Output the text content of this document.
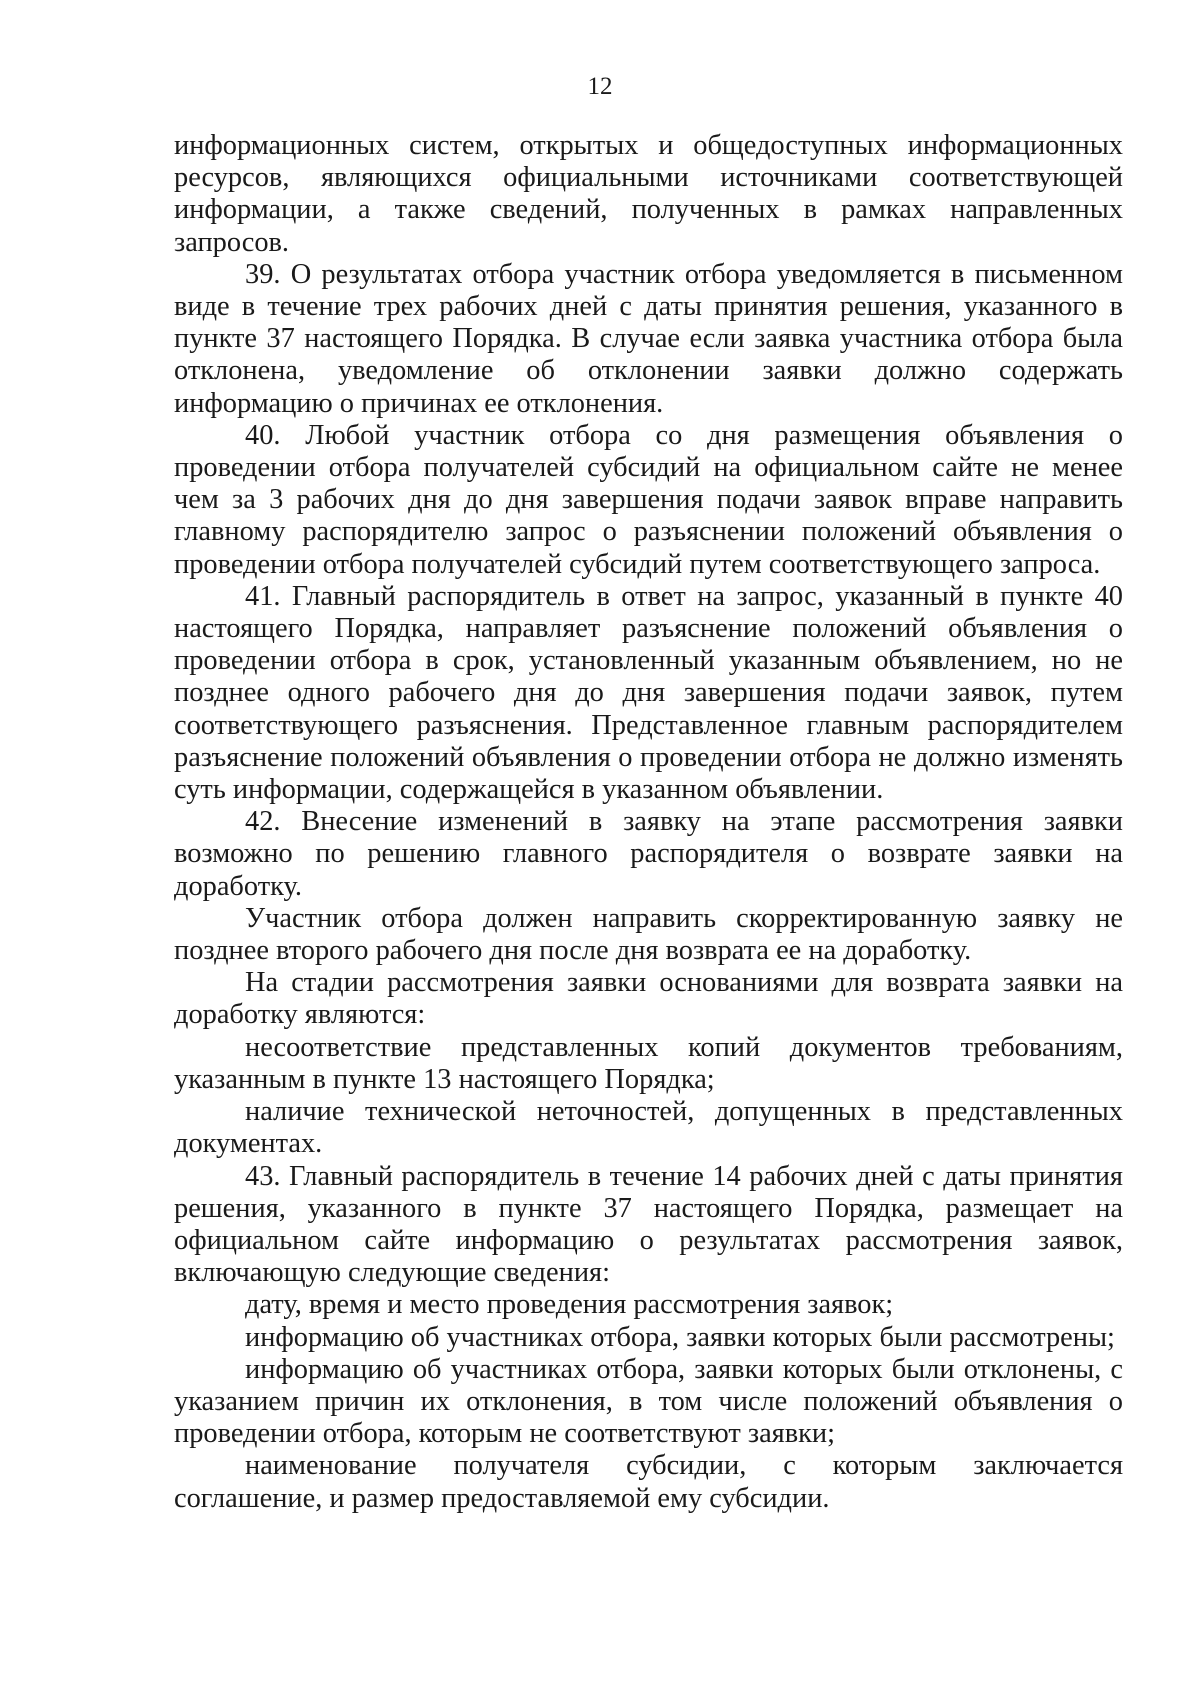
12

информационных систем, открытых и общедоступных информационных ресурсов, являющихся официальными источниками соответствующей информации, а также сведений, полученных в рамках направленных запросов.

39. О результатах отбора участник отбора уведомляется в письменном виде в течение трех рабочих дней с даты принятия решения, указанного в пункте 37 настоящего Порядка. В случае если заявка участника отбора была отклонена, уведомление об отклонении заявки должно содержать информацию о причинах ее отклонения.

40. Любой участник отбора со дня размещения объявления о проведении отбора получателей субсидий на официальном сайте не менее чем за 3 рабочих дня до дня завершения подачи заявок вправе направить главному распорядителю запрос о разъяснении положений объявления о проведении отбора получателей субсидий путем соответствующего запроса.

41. Главный распорядитель в ответ на запрос, указанный в пункте 40 настоящего Порядка, направляет разъяснение положений объявления о проведении отбора в срок, установленный указанным объявлением, но не позднее одного рабочего дня до дня завершения подачи заявок, путем соответствующего разъяснения. Представленное главным распорядителем разъяснение положений объявления о проведении отбора не должно изменять суть информации, содержащейся в указанном объявлении.

42. Внесение изменений в заявку на этапе рассмотрения заявки возможно по решению главного распорядителя о возврате заявки на доработку.

Участник отбора должен направить скорректированную заявку не позднее второго рабочего дня после дня возврата ее на доработку.

На стадии рассмотрения заявки основаниями для возврата заявки на доработку являются:

несоответствие представленных копий документов требованиям, указанным в пункте 13 настоящего Порядка;

наличие технической неточностей, допущенных в представленных документах.

43. Главный распорядитель в течение 14 рабочих дней с даты принятия решения, указанного в пункте 37 настоящего Порядка, размещает на официальном сайте информацию о результатах рассмотрения заявок, включающую следующие сведения:

дату, время и место проведения рассмотрения заявок;

информацию об участниках отбора, заявки которых были рассмотрены;

информацию об участниках отбора, заявки которых были отклонены, с указанием причин их отклонения, в том числе положений объявления о проведении отбора, которым не соответствуют заявки;

наименование получателя субсидии, с которым заключается соглашение, и размер предоставляемой ему субсидии.
